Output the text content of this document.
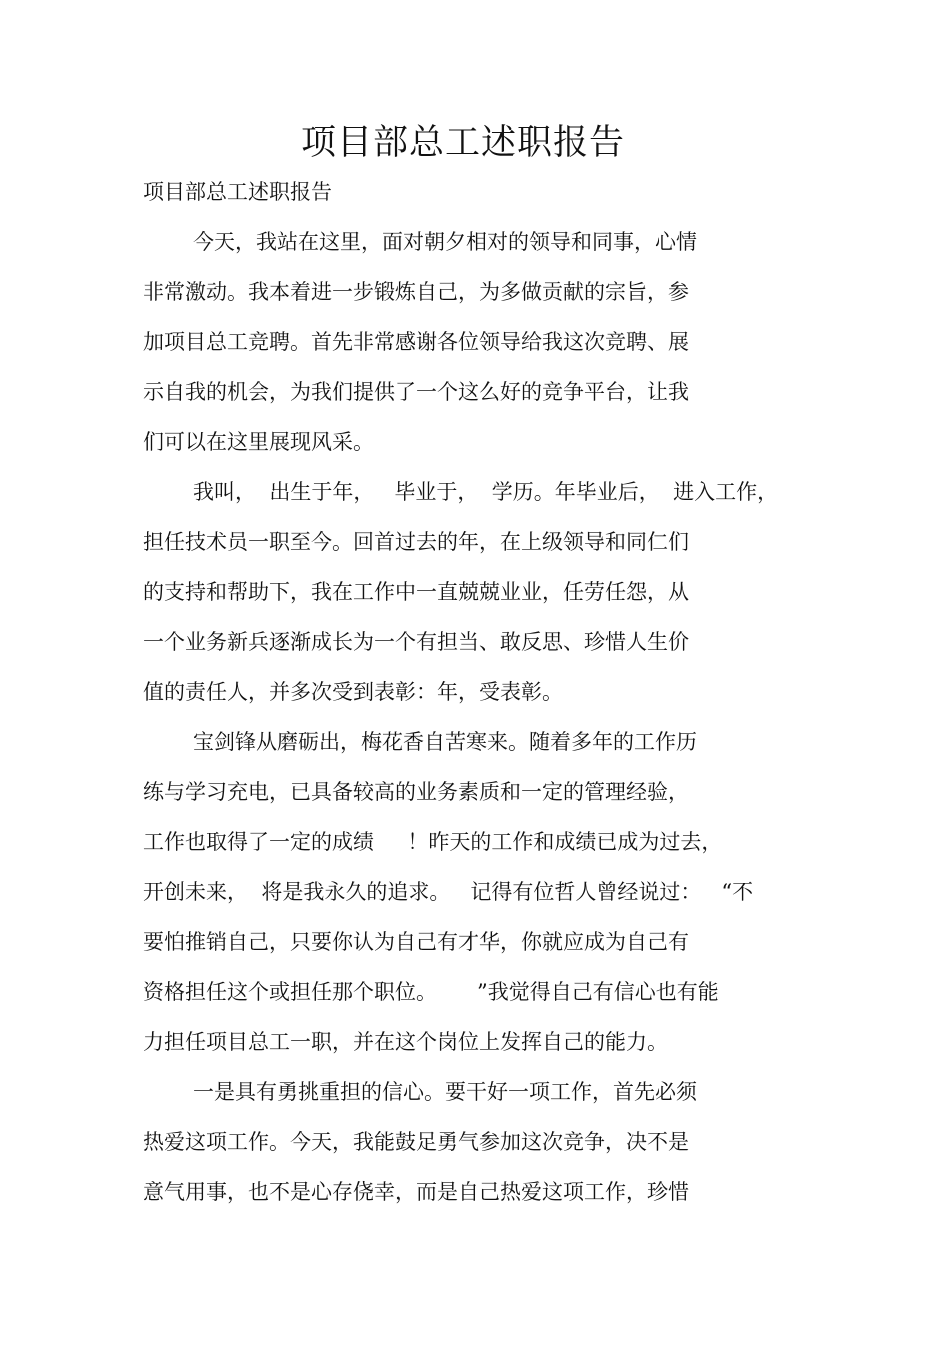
项目部总工述职报告
项目部总工述职报告
今天，我站在这里，面对朝夕相对的领导和同事，心情
非常激动。我本着进一步锻炼自己，为多做贡献的宗旨，参
加项目总工竞聘。首先非常感谢各位领导给我这次竞聘、展
示自我的机会，为我们提供了一个这么好的竞争平台，让我
们可以在这里展现风采。
我叫，  出生于年，   毕业于，  学历。年毕业后，  进入工作，
担任技术员一职至今。回首过去的年，在上级领导和同仁们
的支持和帮助下，我在工作中一直兢兢业业，任劳任怨，从
一个业务新兵逐渐成长为一个有担当、敢反思、珍惜人生价
值的责任人，并多次受到表彰：年，受表彰。
宝剑锋从磨砺出，梅花香自苦寒来。随着多年的工作历
练与学习充电，已具备较高的业务素质和一定的管理经验，
工作也取得了一定的成绩     ！昨天的工作和成绩已成为过去，
开创未来，  将是我永久的追求。   记得有位哲人曾经说过：   “不
要怕推销自己，只要你认为自己有才华，你就应成为自己有
资格担任这个或担任那个职位。      ”我觉得自己有信心也有能
力担任项目总工一职，并在这个岗位上发挥自己的能力。
一是具有勇挑重担的信心。要干好一项工作，首先必须
热爱这项工作。今天，我能鼓足勇气参加这次竞争，决不是
意气用事，也不是心存侥幸，而是自己热爱这项工作，珍惜
